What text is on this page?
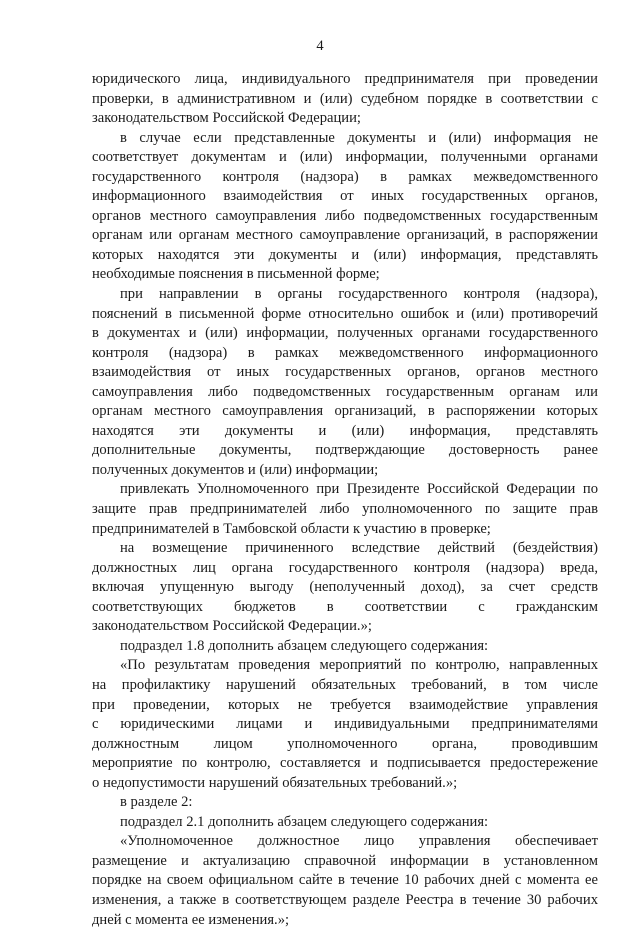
4
юридического лица, индивидуального предпринимателя при проведении
проверки, в административном и (или) судебном порядке в соответствии с
законодательством Российской Федерации;
в случае если представленные документы и (или) информация не
соответствует документам и (или) информации, полученными органами
государственного контроля (надзора) в рамках межведомственного
информационного взаимодействия от иных государственных органов,
органов местного самоуправления либо подведомственных государственным
органам или органам местного самоуправление организаций, в распоряжении
которых находятся эти документы и (или) информация, представлять
необходимые пояснения в письменной форме;
при направлении в органы государственного контроля (надзора),
пояснений в письменной форме относительно ошибок и (или) противоречий
в документах и (или) информации, полученных органами государственного
контроля (надзора) в рамках межведомственного информационного
взаимодействия от иных государственных органов, органов местного
самоуправления либо подведомственных государственным органам или
органам местного самоуправления организаций, в распоряжении которых
находятся эти документы и (или) информация, представлять
дополнительные документы, подтверждающие достоверность ранее
полученных документов и (или) информации;
привлекать Уполномоченного при Президенте Российской Федерации по
защите прав предпринимателей либо уполномоченного по защите прав
предпринимателей в Тамбовской области к участию в проверке;
на возмещение причиненного вследствие действий (бездействия)
должностных лиц органа государственного контроля (надзора) вреда,
включая упущенную выгоду (неполученный доход), за счет средств
соответствующих бюджетов в соответствии с гражданским
законодательством Российской Федерации.»;
подраздел 1.8 дополнить абзацем следующего содержания:
«По результатам проведения мероприятий по контролю, направленных
на профилактику нарушений обязательных требований, в том числе
при проведении, которых не требуется взаимодействие управления
с юридическими лицами и индивидуальными предпринимателями
должностным лицом уполномоченного органа, проводившим
мероприятие по контролю, составляется и подписывается предостережение
о недопустимости нарушений обязательных требований.»;
в разделе 2:
подраздел 2.1 дополнить абзацем следующего содержания:
«Уполномоченное должностное лицо управления обеспечивает
размещение и актуализацию справочной информации в установленном
порядке на своем официальном сайте в течение 10 рабочих дней с момента ее
изменения, а также в соответствующем разделе Реестра в течение 30 рабочих
дней с момента ее изменения.»;
